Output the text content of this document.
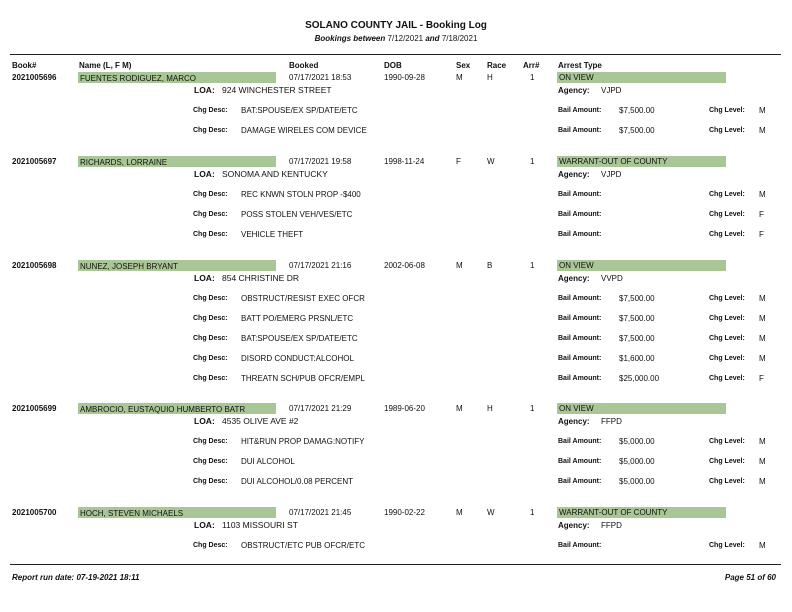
SOLANO COUNTY JAIL - Booking Log
Bookings between 7/12/2021 and 7/18/2021
Book#	Name (L, F M)	Booked	DOB	Sex Race Arr# Arrest Type
2021005696	FUENTES RODIGUEZ, MARCO	07/17/2021 18:53	1990-09-28	M	H	1	ON VIEW
LOA: 924 WINCHESTER STREET	Agency: VJPD
Chg Desc: BAT:SPOUSE/EX SP/DATE/ETC	Bail Amount: $7,500.00	Chg Level: M
Chg Desc: DAMAGE WIRELES COM DEVICE	Bail Amount: $7,500.00	Chg Level: M
2021005697	RICHARDS, LORRAINE	07/17/2021 19:58	1998-11-24	F	W	1	WARRANT-OUT OF COUNTY
LOA: SONOMA AND KENTUCKY	Agency: VJPD
Chg Desc: REC KNWN STOLN PROP -$400	Bail Amount:	Chg Level: M
Chg Desc: POSS STOLEN VEH/VES/ETC	Bail Amount:	Chg Level: F
Chg Desc: VEHICLE THEFT	Bail Amount:	Chg Level: F
2021005698	NUNEZ, JOSEPH BRYANT	07/17/2021 21:16	2002-06-08	M	B	1	ON VIEW
LOA: 854 CHRISTINE DR	Agency: VVPD
Chg Desc: OBSTRUCT/RESIST EXEC OFCR	Bail Amount: $7,500.00	Chg Level: M
Chg Desc: BATT PO/EMERG PRSNL/ETC	Bail Amount: $7,500.00	Chg Level: M
Chg Desc: BAT:SPOUSE/EX SP/DATE/ETC	Bail Amount: $7,500.00	Chg Level: M
Chg Desc: DISORD CONDUCT:ALCOHOL	Bail Amount: $1,600.00	Chg Level: M
Chg Desc: THREATN SCH/PUB OFCR/EMPL	Bail Amount: $25,000.00	Chg Level: F
2021005699	AMBROCIO, EUSTAQUIO HUMBERTO BATR	07/17/2021 21:29	1989-06-20	M	H	1	ON VIEW
LOA: 4535 OLIVE AVE #2	Agency: FFPD
Chg Desc: HIT&RUN PROP DAMAG:NOTIFY	Bail Amount: $5,000.00	Chg Level: M
Chg Desc: DUI ALCOHOL	Bail Amount: $5,000.00	Chg Level: M
Chg Desc: DUI ALCOHOL/0.08 PERCENT	Bail Amount: $5,000.00	Chg Level: M
2021005700	HOCH, STEVEN MICHAELS	07/17/2021 21:45	1990-02-22	M	W	1	WARRANT-OUT OF COUNTY
LOA: 1103 MISSOURI ST	Agency: FFPD
Chg Desc: OBSTRUCT/ETC PUB OFCR/ETC	Bail Amount:	Chg Level: M
Report run date: 07-19-2021 18:11	Page 51 of 60
